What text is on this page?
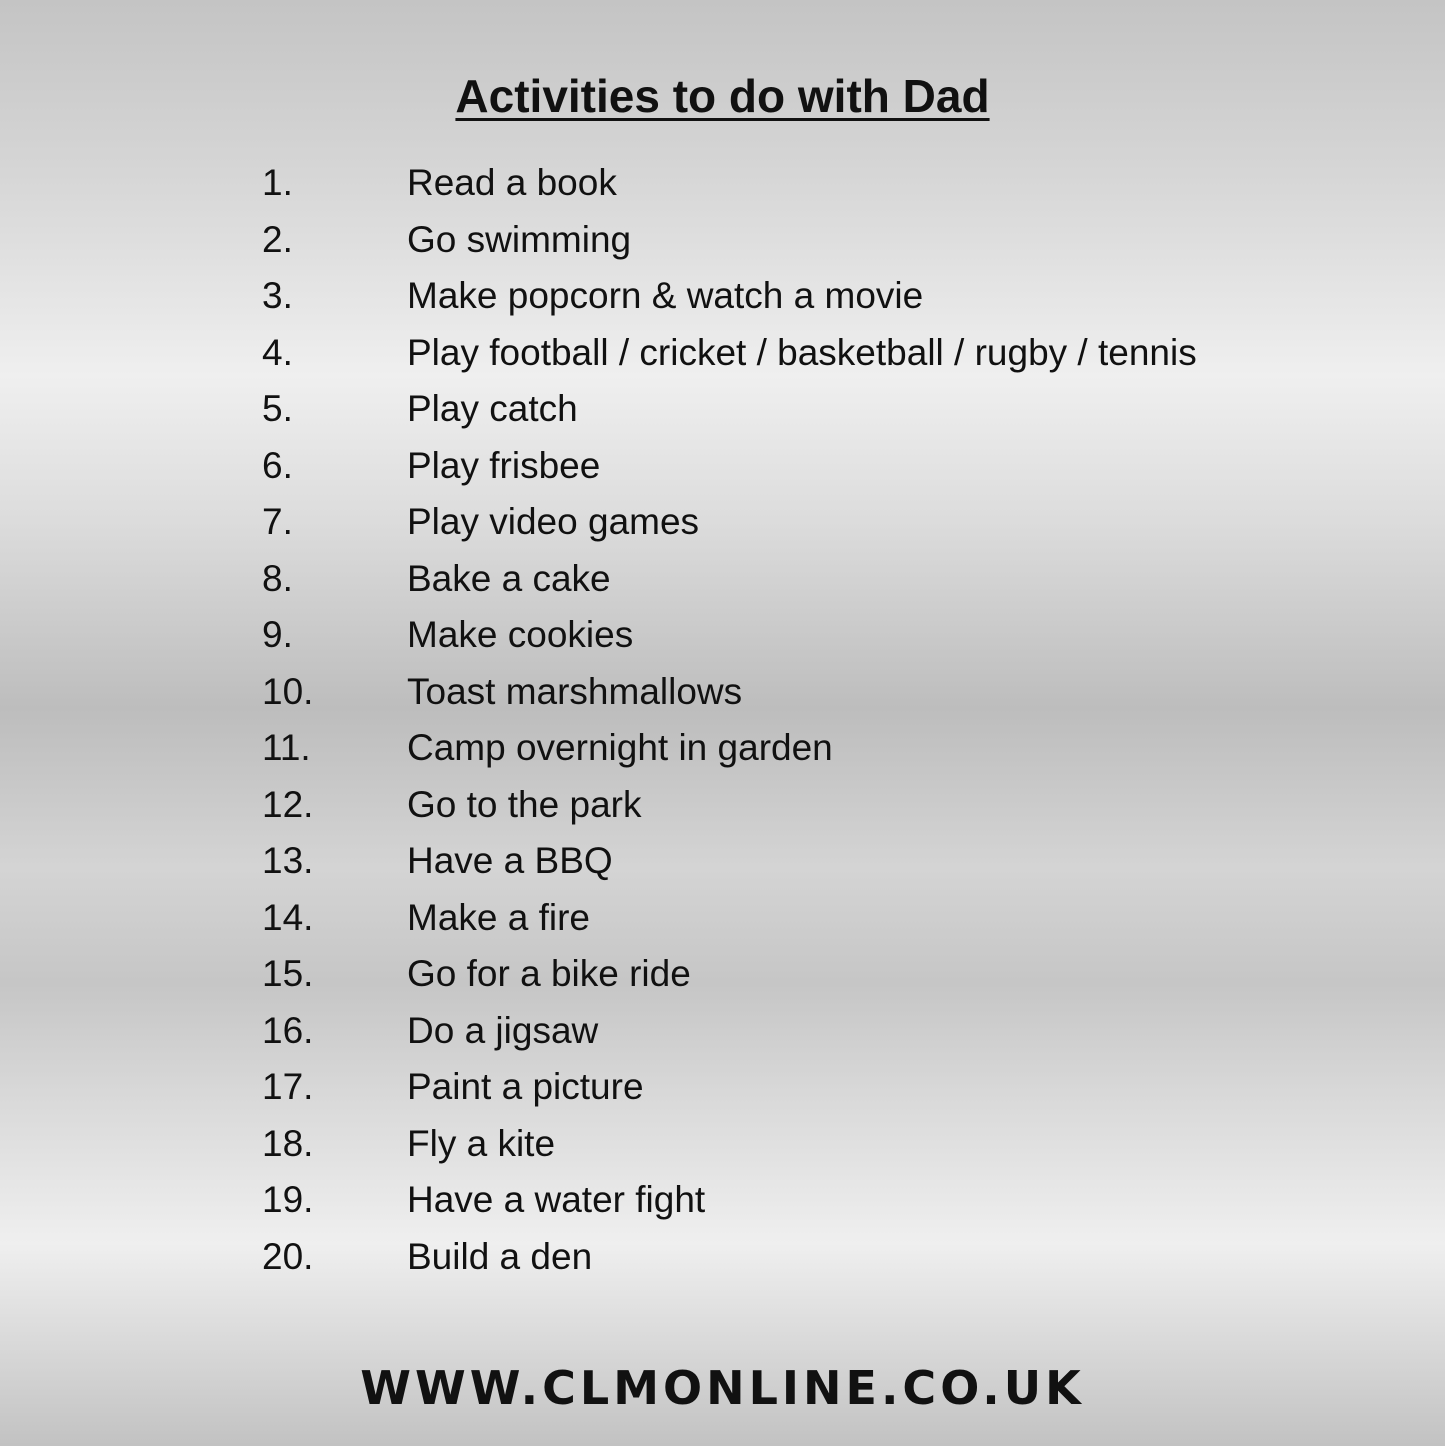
Activities to do with Dad
1.	Read a book
2.	Go swimming
3.	Make popcorn & watch a movie
4.	Play football / cricket / basketball / rugby / tennis
5.	Play catch
6.	Play frisbee
7.	Play video games
8.	Bake a cake
9.	Make cookies
10.	Toast marshmallows
11.	Camp overnight in garden
12.	Go to the park
13.	Have a BBQ
14.	Make a fire
15.	Go for a bike ride
16.	Do a jigsaw
17.	Paint a picture
18.	Fly a kite
19.	Have a water fight
20.	Build a den
WWW.CLMONLINE.CO.UK
